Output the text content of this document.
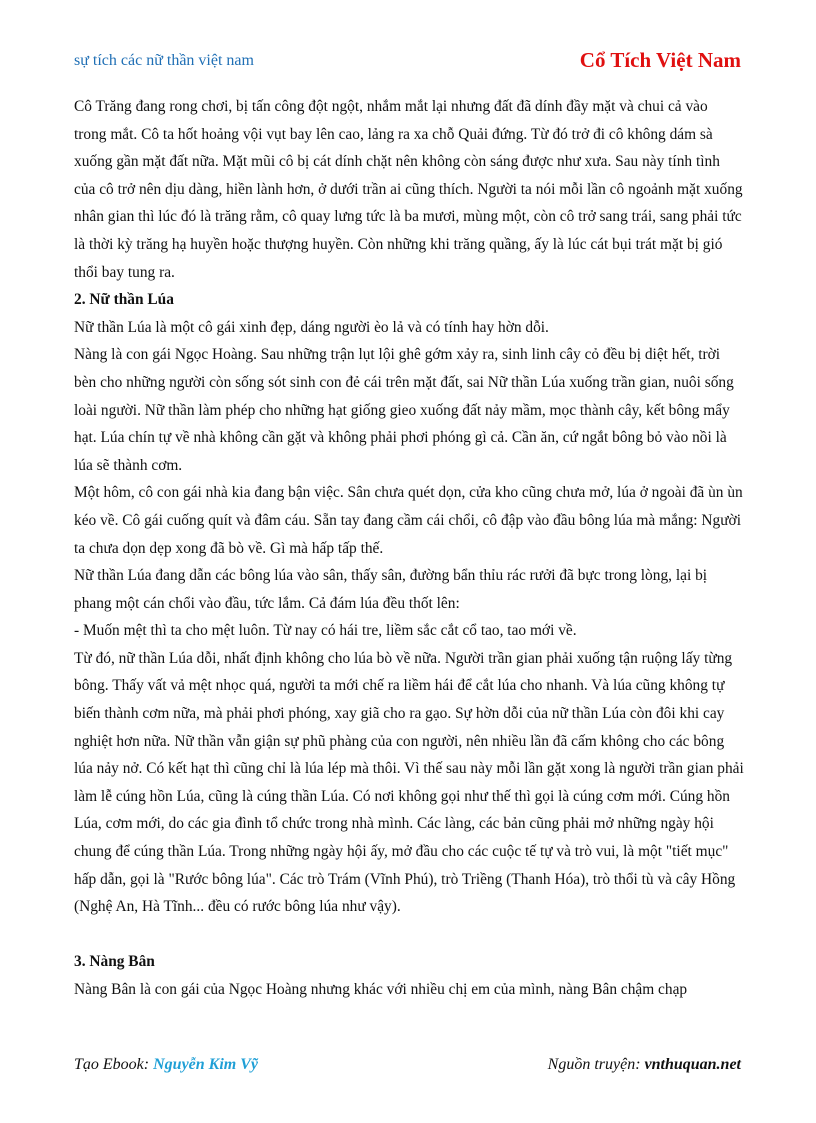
sự tích các nữ thần việt nam	Cổ Tích Việt Nam

Cô Trăng đang rong chơi, bị tấn công đột ngột, nhắm mắt lại nhưng đất đã dính đầy mặt và chui cả vào trong mắt. Cô ta hốt hoảng vội vụt bay lên cao, lảng ra xa chỗ Quải đứng. Từ đó trở đi cô không dám sà xuống gần mặt đất nữa. Mặt mũi cô bị cát dính chặt nên không còn sáng được như xưa. Sau này tính tình của cô trở nên dịu dàng, hiền lành hơn, ở dưới trần ai cũng thích. Người ta nói mỗi lần cô ngoảnh mặt xuống nhân gian thì lúc đó là trăng rằm, cô quay lưng tức là ba mươi, mùng một, còn cô trở sang trái, sang phải tức là thời kỳ trăng hạ huyền hoặc thượng huyền. Còn những khi trăng quầng, ấy là lúc cát bụi trát mặt bị gió thổi bay tung ra.

2. Nữ thần Lúa

Nữ thần Lúa là một cô gái xinh đẹp, dáng người èo lả và có tính hay hờn dỗi.

Nàng là con gái Ngọc Hoàng. Sau những trận lụt lội ghê gớm xảy ra, sinh linh cây cỏ đều bị diệt hết, trời bèn cho những người còn sống sót sinh con đẻ cái trên mặt đất, sai Nữ thần Lúa xuống trần gian, nuôi sống loài người. Nữ thần làm phép cho những hạt giống gieo xuống đất nảy mầm, mọc thành cây, kết bông mẩy hạt. Lúa chín tự về nhà không cần gặt và không phải phơi phóng gì cả. Cần ăn, cứ ngắt bông bỏ vào nồi là lúa sẽ thành cơm.

Một hôm, cô con gái nhà kia đang bận việc. Sân chưa quét dọn, cửa kho cũng chưa mở, lúa ở ngoài đã ùn ùn kéo về. Cô gái cuống quít và đâm cáu. Sẵn tay đang cầm cái chổi, cô đập vào đầu bông lúa mà mắng: Người ta chưa dọn dẹp xong đã bò về. Gì mà hấp tấp thế.

Nữ thần Lúa đang dẫn các bông lúa vào sân, thấy sân, đường bẩn thỉu rác rưởi đã bực trong lòng, lại bị phang một cán chổi vào đầu, tức lắm. Cả đám lúa đều thốt lên:

- Muốn mệt thì ta cho mệt luôn. Từ nay có hái tre, liềm sắc cắt cổ tao, tao mới về.

Từ đó, nữ thần Lúa dỗi, nhất định không cho lúa bò về nữa. Người trần gian phải xuống tận ruộng lấy từng bông. Thấy vất vả mệt nhọc quá, người ta mới chế ra liềm hái để cắt lúa cho nhanh. Và lúa cũng không tự biến thành cơm nữa, mà phải phơi phóng, xay giã cho ra gạo. Sự hờn dỗi của nữ thần Lúa còn đôi khi cay nghiệt hơn nữa. Nữ thần vẫn giận sự phũ phàng của con người, nên nhiều lần đã cấm không cho các bông lúa nảy nở. Có kết hạt thì cũng chỉ là lúa lép mà thôi. Vì thế sau này mỗi lần gặt xong là người trần gian phải làm lễ cúng hồn Lúa, cũng là cúng thần Lúa. Có nơi không gọi như thế thì gọi là cúng cơm mới. Cúng hồn Lúa, cơm mới, do các gia đình tổ chức trong nhà mình. Các làng, các bản cũng phải mở những ngày hội chung để cúng thần Lúa. Trong những ngày hội ấy, mở đầu cho các cuộc tế tự và trò vui, là một "tiết mục" hấp dẫn, gọi là "Rước bông lúa". Các trò Trám (Vĩnh Phú), trò Triềng (Thanh Hóa), trò thổi tù và cây Hồng (Nghệ An, Hà Tĩnh... đều có rước bông lúa như vậy).

3. Nàng Bân

Nàng Bân là con gái của Ngọc Hoàng nhưng khác với nhiều chị em của mình, nàng Bân chậm chạp

Tạo Ebook: Nguyễn Kim Vỹ	Nguồn truyện: vnthuquan.net
